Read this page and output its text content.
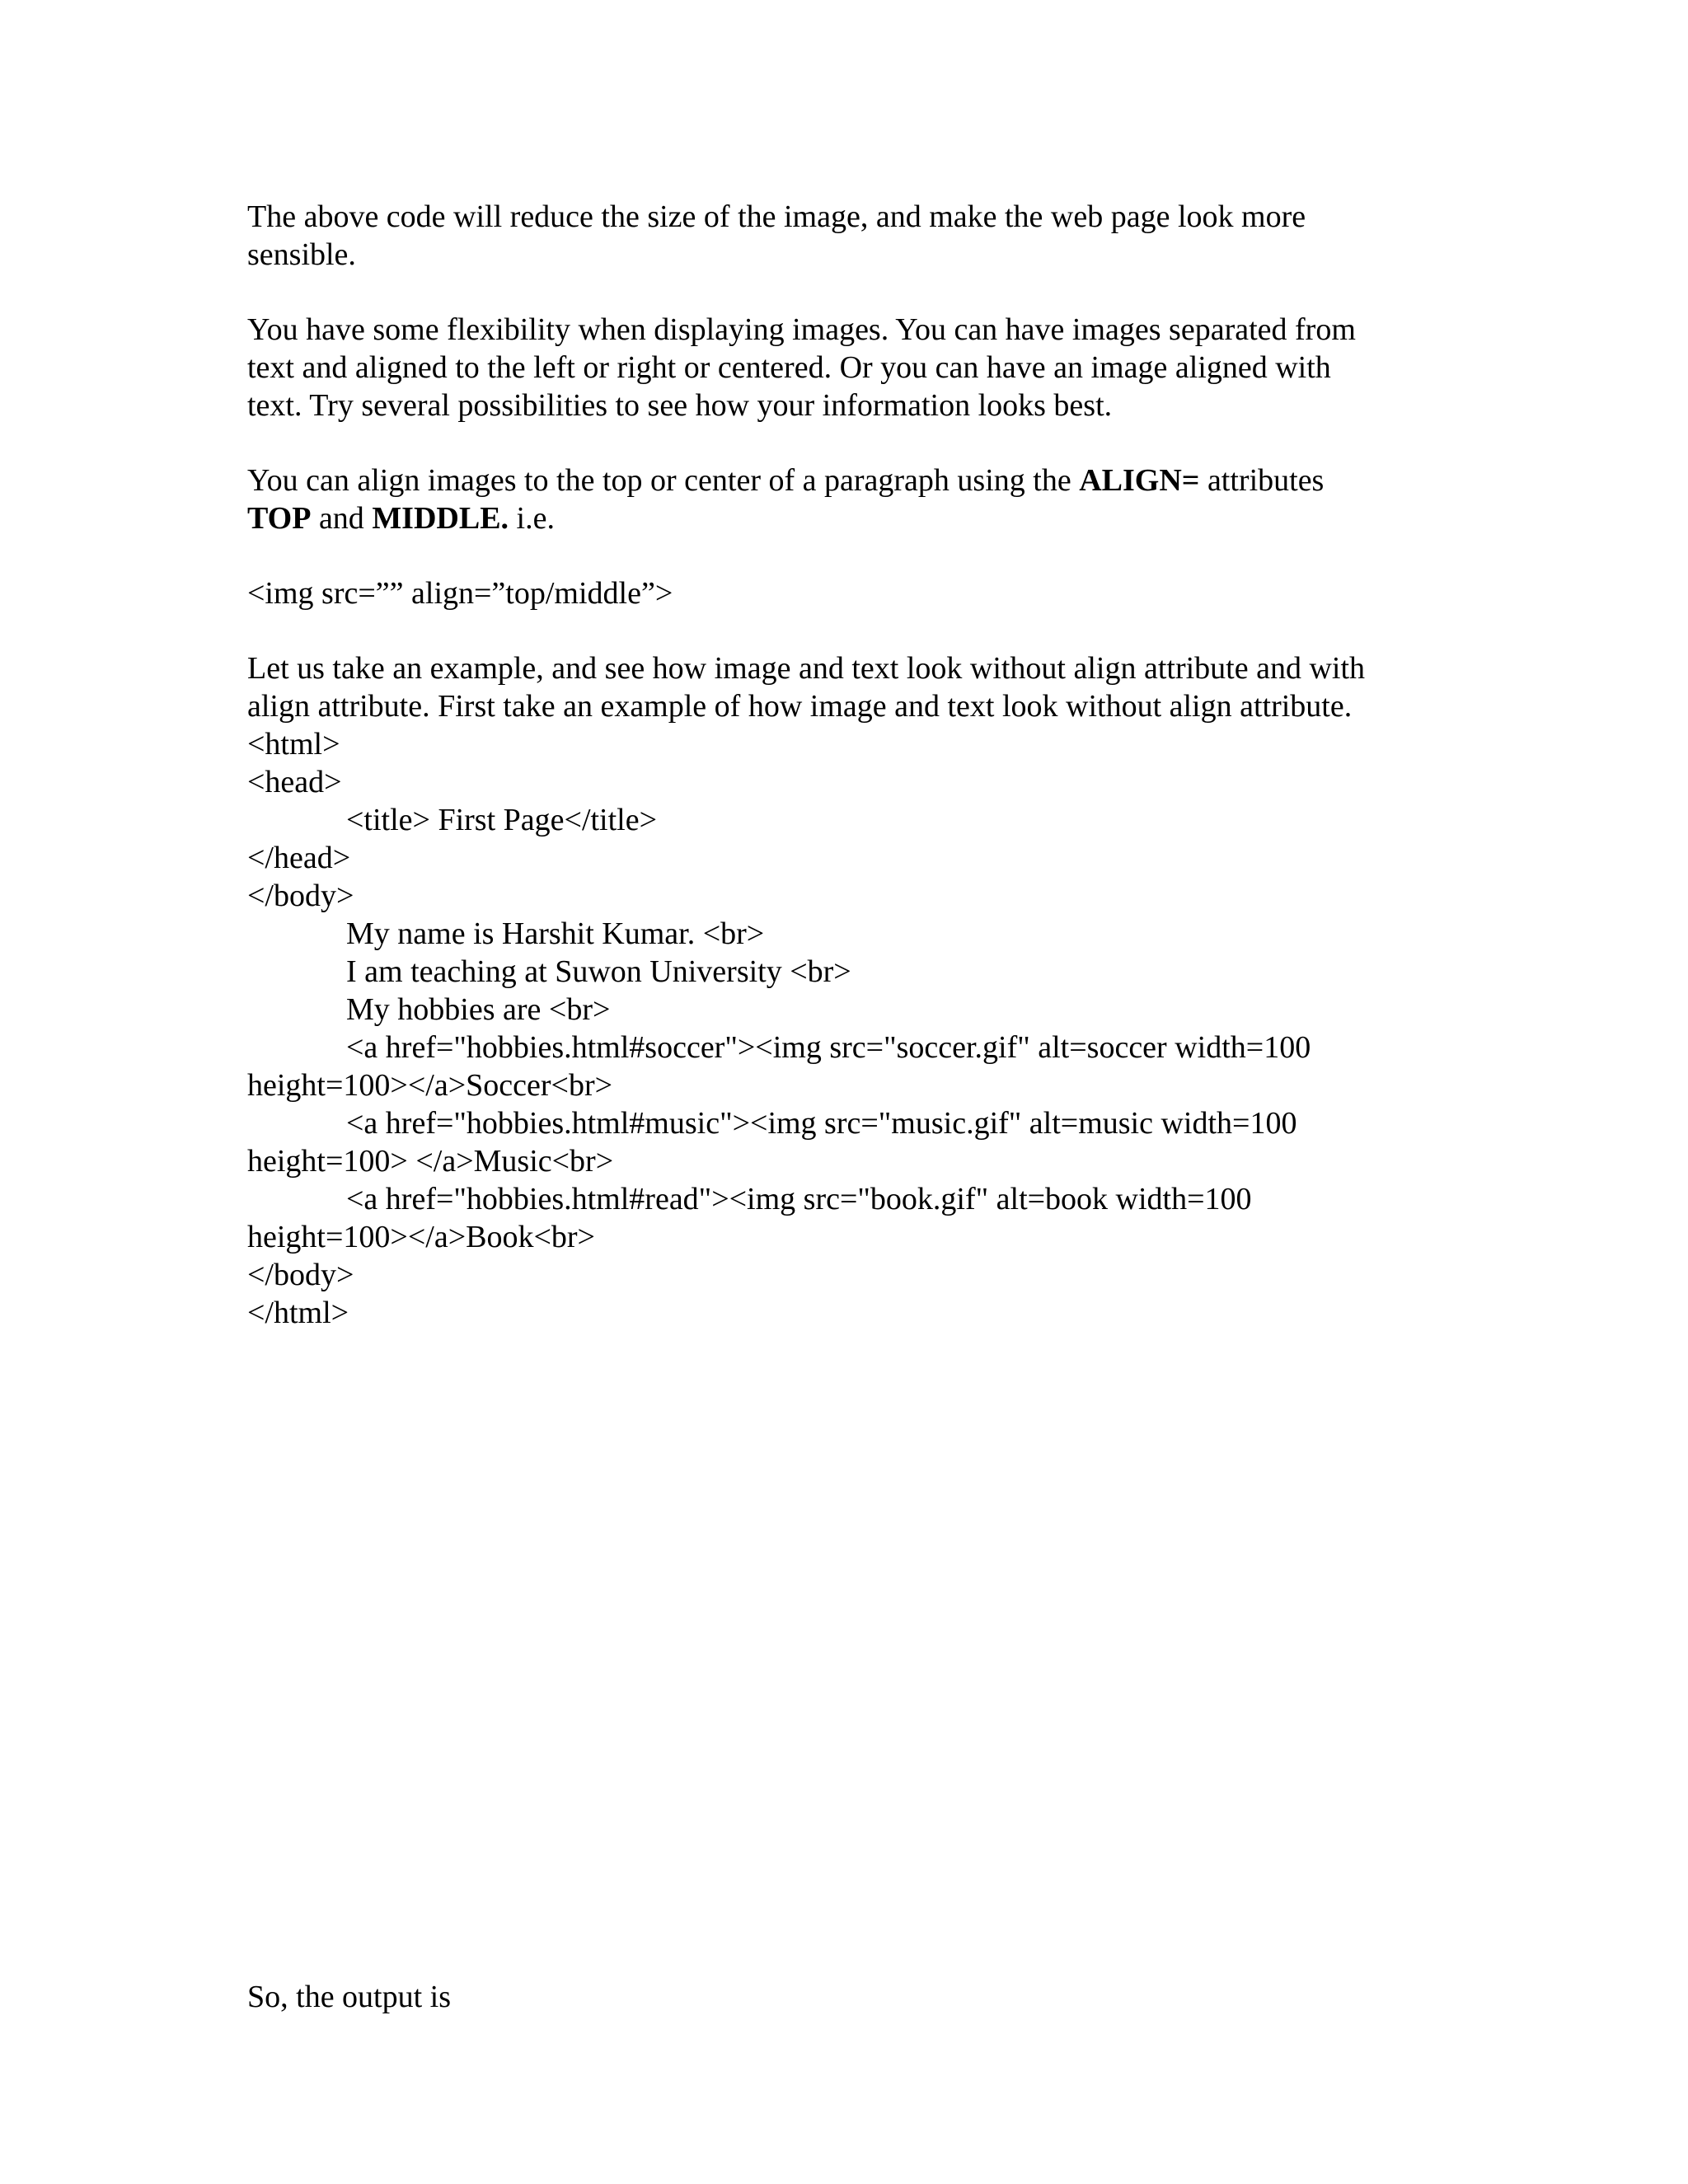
The above code will reduce the size of the image, and make the web page look more
sensible.
You have some flexibility when displaying images. You can have images separated from
text and aligned to the left or right or centered. Or you can have an image aligned with
text. Try several possibilities to see how your information looks best.
You can align images to the top or center of a paragraph using the ALIGN= attributes
TOP and MIDDLE. i.e.
<img src=”” align=”top/middle”>
Let us take an example, and see how image and text look without align attribute and with
align attribute. First take an example of how image and text look without align attribute.
<html>
<head>
<title> First Page</title>
</head>
</body>
My name is Harshit Kumar. <br>
I am teaching at Suwon University <br>
My hobbies are <br>
<a href="hobbies.html#soccer"><img src="soccer.gif" alt=soccer width=100
height=100></a>Soccer<br>
<a href="hobbies.html#music"><img src="music.gif" alt=music width=100
height=100> </a>Music<br>
<a href="hobbies.html#read"><img src="book.gif" alt=book width=100
height=100></a>Book<br>
</body>
</html>
So, the output is
